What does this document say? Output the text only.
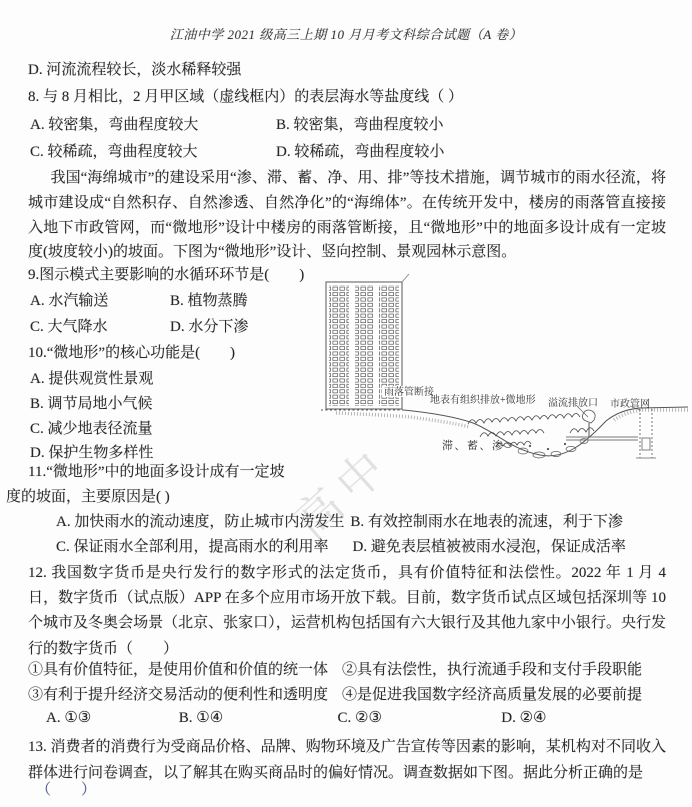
江油中学 2021 级高三上期 10 月月考文科综合试题（A 卷）
D. 河流流程较长，淡水稀释较强
8. 与 8 月相比，2 月甲区域（虚线框内）的表层海水等盐度线（ ）
A. 较密集，弯曲程度较大	B. 较密集，弯曲程度较小
C. 较稀疏，弯曲程度较大	D. 较稀疏，弯曲程度较小
我国“海绵城市”的建设采用“渗、滞、蓄、净、用、排”等技术措施，调节城市的雨水径流，将城市建设成“自然积存、自然渗透、自然净化”的“海绵体”。在传统开发中，楼房的雨落管直接接入地下市政管网，而“微地形”设计中楼房的雨落管断接，且“微地形”中的地面多设计成有一定坡度(坡度较小)的坡面。下图为“微地形”设计、竖向控制、景观园林示意图。
9.图示模式主要影响的水循环环节是(　　)
A. 水汽输送	B. 植物蒸腾
C. 大气降水	D. 水分下渗
10.“微地形”的核心功能是(　　)
A. 提供观赏性景观
B. 调节局地小气候
C. 减少地表径流量
D. 保护生物多样性
11.“微地形”中的地面多设计成有一定坡
度的坡面，主要原因是( )
A. 加快雨水的流动速度，防止城市内涝发生 B. 有效控制雨水在地表的流速，利于下渗
C. 保证雨水全部利用，提高雨水的利用率 D. 避免表层植被被雨水浸泡，保证成活率
12. 我国数字货币是央行发行的数字形式的法定货币，具有价值特征和法偿性。2022 年 1 月 4 日，数字货币（试点版）APP 在多个应用市场开放下载。目前，数字货币试点区域包括深圳等 10 个城市及冬奥会场景（北京、张家口），运营机构包括国有六大银行及其他九家中小银行。央行发行的数字货币（　　）
①具有价值特征，是使用价值和价值的统一体 ②具有法偿性，执行流通手段和支付手段职能
③有利于提升经济交易活动的便利性和透明度 ④是促进我国数字经济高质量发展的必要前提
A. ①③	B. ①④	C. ②③	D. ②④
13. 消费者的消费行为受商品价格、品牌、购物环境及广告宣传等因素的影响，某机构对不同收入群体进行问卷调查，以了解其在购买商品时的偏好情况。调查数据如下图。据此分析正确的是
（　　）
高中
雨落管断接
地表有组织排放+微地形 溢流排放口 市政管网
滞、蓄、渗
